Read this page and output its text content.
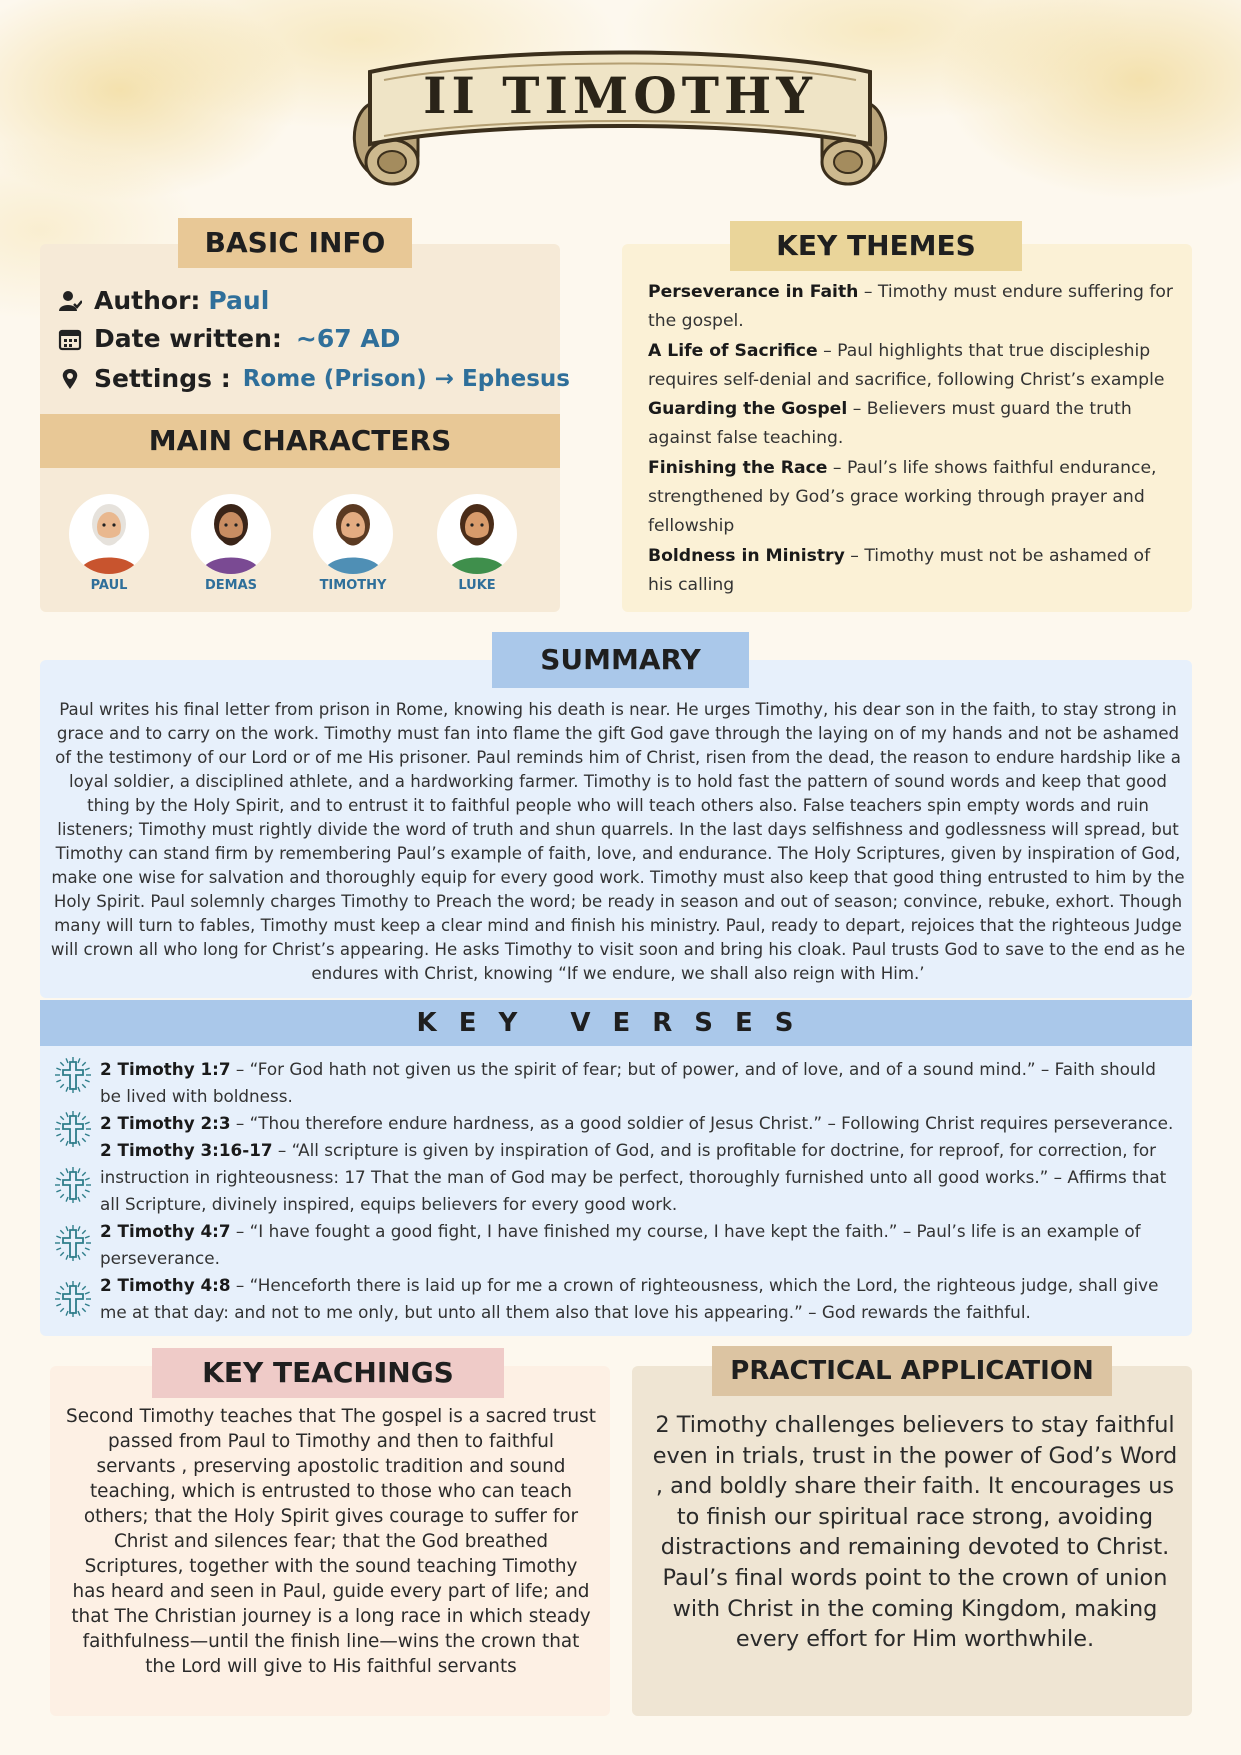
II TIMOTHY
BASIC INFO
Author: Paul
Date written: ~67 AD
Settings : Rome (Prison) → Ephesus
MAIN CHARACTERS
PAUL	DEMAS	TIMOTHY	LUKE
KEY THEMES
Perseverance in Faith – Timothy must endure suffering for the gospel.
A Life of Sacrifice – Paul highlights that true discipleship requires self-denial and sacrifice, following Christ’s example
Guarding the Gospel – Believers must guard the truth against false teaching.
Finishing the Race – Paul’s life shows faithful endurance, strengthened by God’s grace working through prayer and fellowship
Boldness in Ministry – Timothy must not be ashamed of his calling
SUMMARY
Paul writes his final letter from prison in Rome, knowing his death is near. He urges Timothy, his dear son in the faith, to stay strong in grace and to carry on the work. Timothy must fan into flame the gift God gave through the laying on of my hands and not be ashamed of the testimony of our Lord or of me His prisoner. Paul reminds him of Christ, risen from the dead, the reason to endure hardship like a loyal soldier, a disciplined athlete, and a hardworking farmer. Timothy is to hold fast the pattern of sound words and keep that good thing by the Holy Spirit, and to entrust it to faithful people who will teach others also. False teachers spin empty words and ruin listeners; Timothy must rightly divide the word of truth and shun quarrels. In the last days selfishness and godlessness will spread, but Timothy can stand firm by remembering Paul’s example of faith, love, and endurance. The Holy Scriptures, given by inspiration of God, make one wise for salvation and thoroughly equip for every good work. Timothy must also keep that good thing entrusted to him by the Holy Spirit. Paul solemnly charges Timothy to Preach the word; be ready in season and out of season; convince, rebuke, exhort. Though many will turn to fables, Timothy must keep a clear mind and finish his ministry. Paul, ready to depart, rejoices that the righteous Judge will crown all who long for Christ’s appearing. He asks Timothy to visit soon and bring his cloak. Paul trusts God to save to the end as he endures with Christ, knowing “If we endure, we shall also reign with Him.’
KEY VERSES
2 Timothy 1:7 – “For God hath not given us the spirit of fear; but of power, and of love, and of a sound mind.” – Faith should be lived with boldness.
2 Timothy 2:3 – “Thou therefore endure hardness, as a good soldier of Jesus Christ.” – Following Christ requires perseverance.
2 Timothy 3:16-17 – “All scripture is given by inspiration of God, and is profitable for doctrine, for reproof, for correction, for instruction in righteousness: 17 That the man of God may be perfect, thoroughly furnished unto all good works.” – Affirms that all Scripture, divinely inspired, equips believers for every good work.
2 Timothy 4:7 – “I have fought a good fight, I have finished my course, I have kept the faith.” – Paul’s life is an example of perseverance.
2 Timothy 4:8 – “Henceforth there is laid up for me a crown of righteousness, which the Lord, the righteous judge, shall give me at that day: and not to me only, but unto all them also that love his appearing.” – God rewards the faithful.
KEY TEACHINGS
Second Timothy teaches that The gospel is a sacred trust passed from Paul to Timothy and then to faithful servants , preserving apostolic tradition and sound teaching, which is entrusted to those who can teach others; that the Holy Spirit gives courage to suffer for Christ and silences fear; that the God breathed Scriptures, together with the sound teaching Timothy has heard and seen in Paul, guide every part of life; and that The Christian journey is a long race in which steady faithfulness—until the finish line—wins the crown that the Lord will give to His faithful servants
PRACTICAL APPLICATION
2 Timothy challenges believers to stay faithful even in trials, trust in the power of God’s Word , and boldly share their faith. It encourages us to finish our spiritual race strong, avoiding distractions and remaining devoted to Christ. Paul’s final words point to the crown of union with Christ in the coming Kingdom, making every effort for Him worthwhile.
